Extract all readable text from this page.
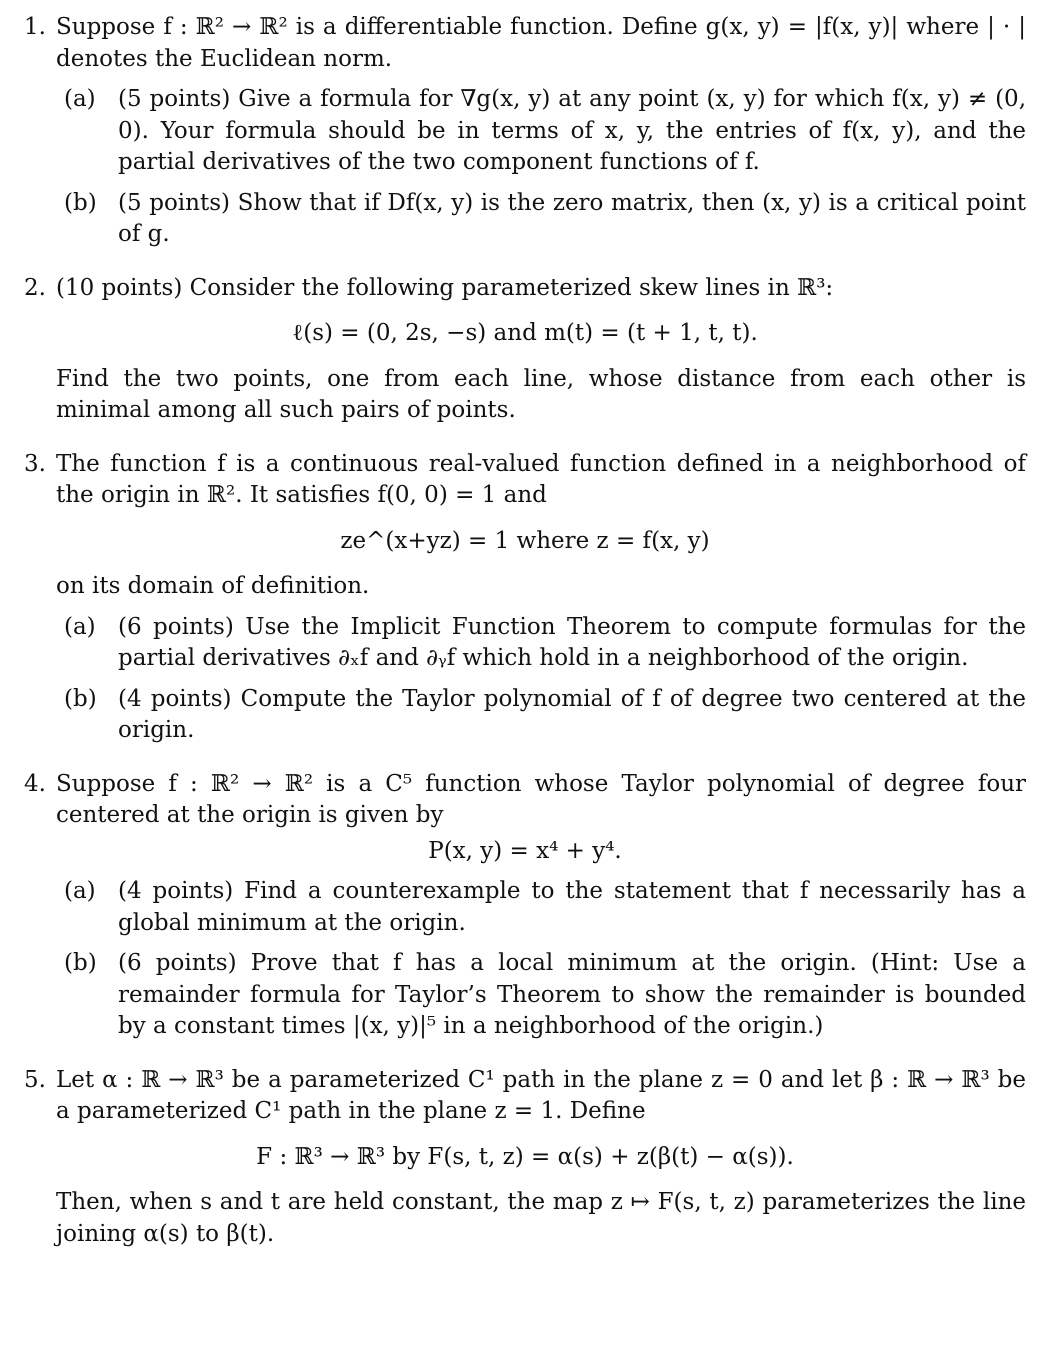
1. Suppose f : ℝ² → ℝ² is a differentiable function. Define g(x, y) = |f(x, y)| where | · | denotes the Euclidean norm.

(a) (5 points) Give a formula for ∇g(x, y) at any point (x, y) for which f(x, y) ≠ (0, 0). Your formula should be in terms of x, y, the entries of f(x, y), and the partial derivatives of the two component functions of f.

(b) (5 points) Show that if Df(x, y) is the zero matrix, then (x, y) is a critical point of g.

2. (10 points) Consider the following parameterized skew lines in ℝ³:

ℓ(s) = (0, 2s, −s) and m(t) = (t + 1, t, t).

Find the two points, one from each line, whose distance from each other is minimal among all such pairs of points.

3. The function f is a continuous real-valued function defined in a neighborhood of the origin in ℝ². It satisfies f(0, 0) = 1 and

ze^(x+yz) = 1 where z = f(x, y)

on its domain of definition.

(a) (6 points) Use the Implicit Function Theorem to compute formulas for the partial derivatives ∂ₓf and ∂ᵧf which hold in a neighborhood of the origin.

(b) (4 points) Compute the Taylor polynomial of f of degree two centered at the origin.

4. Suppose f : ℝ² → ℝ² is a C⁵ function whose Taylor polynomial of degree four centered at the origin is given by

P(x, y) = x⁴ + y⁴.

(a) (4 points) Find a counterexample to the statement that f necessarily has a global minimum at the origin.

(b) (6 points) Prove that f has a local minimum at the origin. (Hint: Use a remainder formula for Taylor’s Theorem to show the remainder is bounded by a constant times |(x, y)|⁵ in a neighborhood of the origin.)

5. Let α : ℝ → ℝ³ be a parameterized C¹ path in the plane z = 0 and let β : ℝ → ℝ³ be a parameterized C¹ path in the plane z = 1. Define

F : ℝ³ → ℝ³ by F(s, t, z) = α(s) + z(β(t) − α(s)).

Then, when s and t are held constant, the map z ↦ F(s, t, z) parameterizes the line joining α(s) to β(t).
